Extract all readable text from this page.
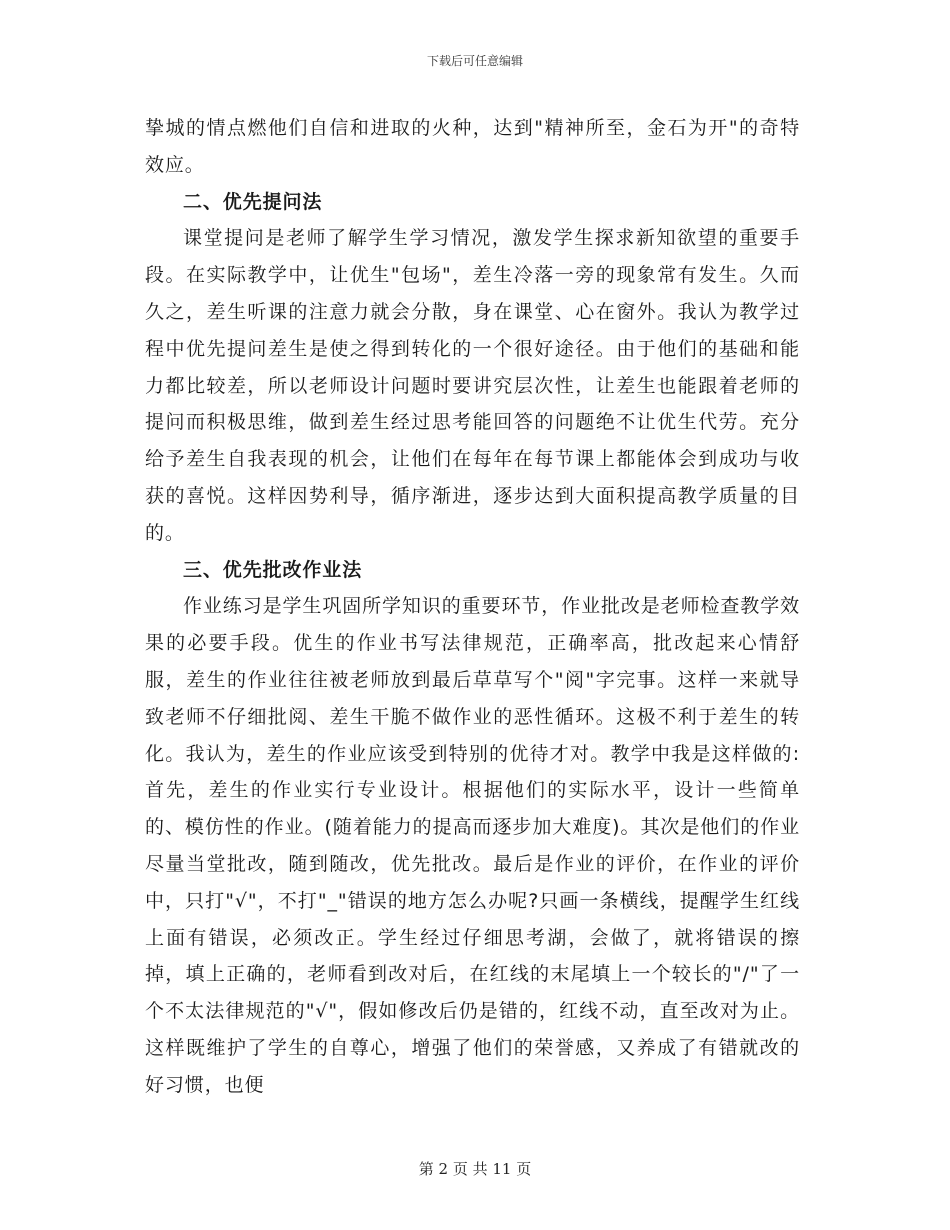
下载后可任意编辑

挚城的情点燃他们自信和进取的火种，达到"精神所至，金石为开"的奇特效应。

二、优先提问法

课堂提问是老师了解学生学习情况，激发学生探求新知欲望的重要手段。在实际教学中，让优生"包场"，差生冷落一旁的现象常有发生。久而久之，差生听课的注意力就会分散，身在课堂、心在窗外。我认为教学过程中优先提问差生是使之得到转化的一个很好途径。由于他们的基础和能力都比较差，所以老师设计问题时要讲究层次性，让差生也能跟着老师的提问而积极思维，做到差生经过思考能回答的问题绝不让优生代劳。充分给予差生自我表现的机会，让他们在每年在每节课上都能体会到成功与收获的喜悦。这样因势利导，循序渐进，逐步达到大面积提高教学质量的目的。

三、优先批改作业法

作业练习是学生巩固所学知识的重要环节，作业批改是老师检查教学效果的必要手段。优生的作业书写法律规范，正确率高，批改起来心情舒服，差生的作业往往被老师放到最后草草写个"阅"字完事。这样一来就导致老师不仔细批阅、差生干脆不做作业的恶性循环。这极不利于差生的转化。我认为，差生的作业应该受到特别的优待才对。教学中我是这样做的:首先，差生的作业实行专业设计。根据他们的实际水平，设计一些简单的、模仿性的作业。(随着能力的提高而逐步加大难度)。其次是他们的作业尽量当堂批改，随到随改，优先批改。最后是作业的评价，在作业的评价中，只打"√"，不打"_"错误的地方怎么办呢?只画一条横线，提醒学生红线上面有错误，必须改正。学生经过仔细思考湖，会做了，就将错误的擦掉，填上正确的，老师看到改对后，在红线的末尾填上一个较长的"/"了一个不太法律规范的"√"，假如修改后仍是错的，红线不动，直至改对为止。这样既维护了学生的自尊心，增强了他们的荣誉感，又养成了有错就改的好习惯，也便

第 2 页 共 11 页
